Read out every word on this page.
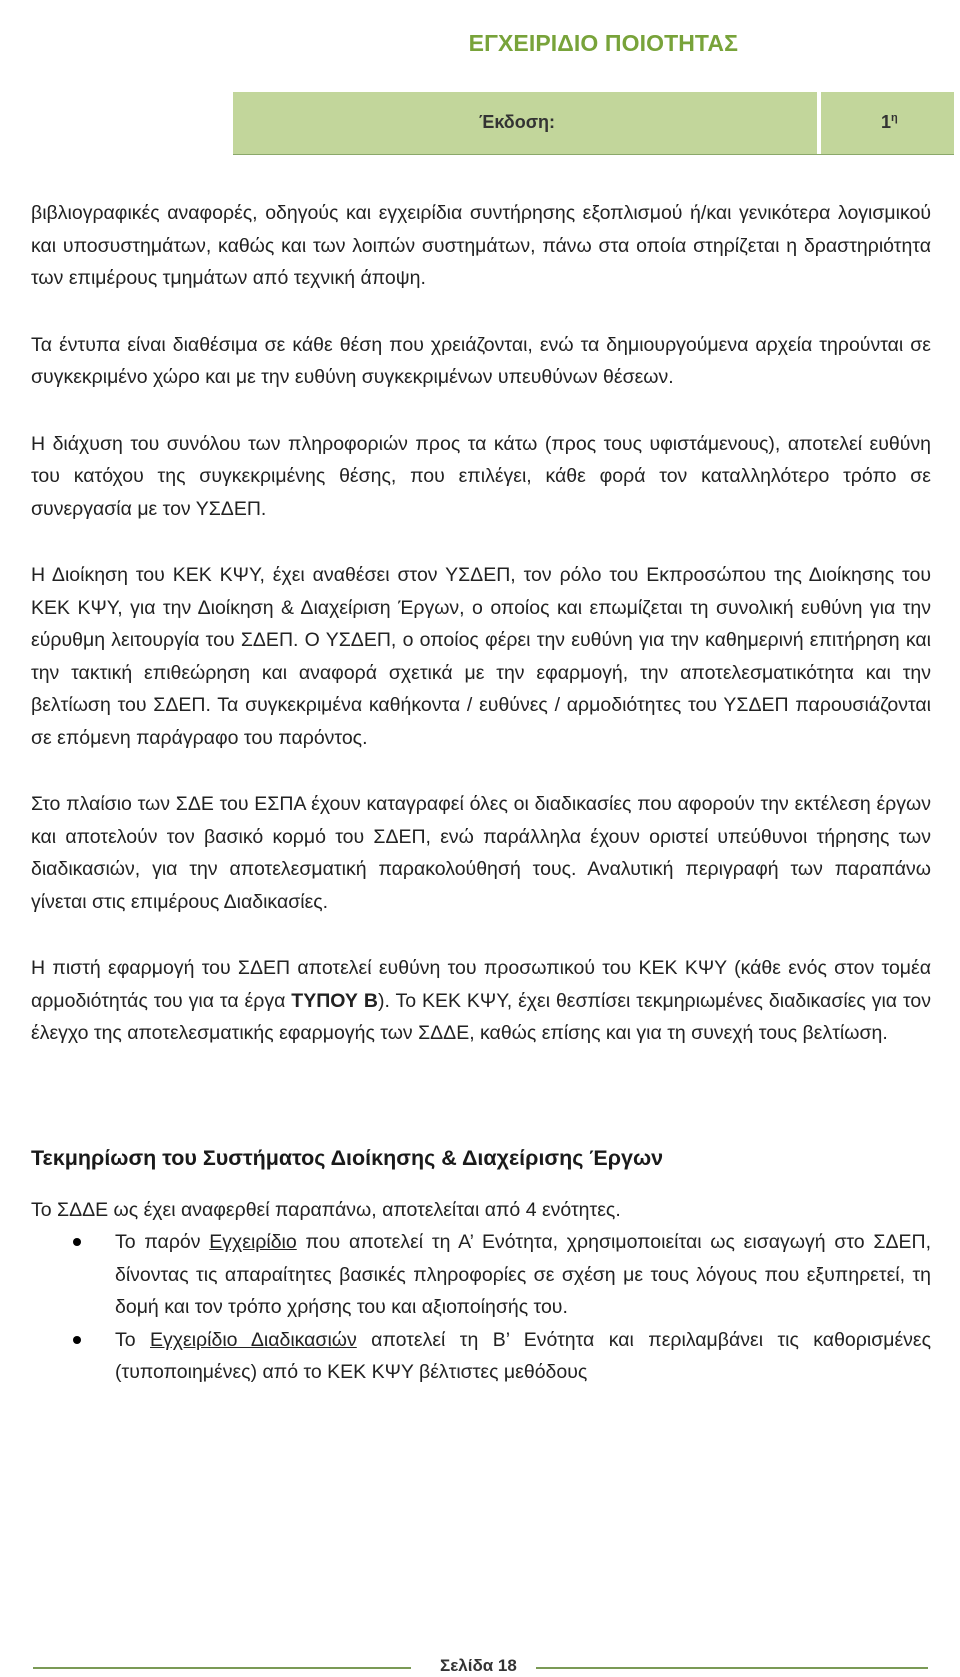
ΕΓΧΕΙΡΙΔΙΟ ΠΟΙΟΤΗΤΑΣ
Έκδοση:	$1^\eta$

βιβλιογραφικές αναφορές, οδηγούς και εγχειρίδια συντήρησης εξοπλισμού ή/και γενικότερα λογισμικού και υποσυστημάτων, καθώς και των λοιπών συστημάτων, πάνω στα οποία στηρίζεται η δραστηριότητα των επιμέρους τμημάτων από τεχνική άποψη.

Τα έντυπα είναι διαθέσιμα σε κάθε θέση που χρειάζονται, ενώ τα δημιουργούμενα αρχεία τηρούνται σε συγκεκριμένο χώρο και με την ευθύνη συγκεκριμένων υπευθύνων θέσεων.

Η διάχυση του συνόλου των πληροφοριών προς τα κάτω (προς τους υφιστάμενους), αποτελεί ευθύνη του κατόχου της συγκεκριμένης θέσης, που επιλέγει, κάθε φορά τον καταλληλότερο τρόπο σε συνεργασία με τον ΥΣΔΕΠ.

Η Διοίκηση του ΚΕΚ ΚΨΥ, έχει αναθέσει στον ΥΣΔΕΠ, τον ρόλο του Εκπροσώπου της Διοίκησης του ΚΕΚ ΚΨΥ, για την Διοίκηση & Διαχείριση Έργων, ο οποίος και επωμίζεται τη συνολική ευθύνη για την εύρυθμη λειτουργία του ΣΔΕΠ. Ο ΥΣΔΕΠ, ο οποίος φέρει την ευθύνη για την καθημερινή επιτήρηση και την τακτική επιθεώρηση και αναφορά σχετικά με την εφαρμογή, την αποτελεσματικότητα και την βελτίωση του ΣΔΕΠ. Τα συγκεκριμένα καθήκοντα / ευθύνες / αρμοδιότητες του ΥΣΔΕΠ παρουσιάζονται σε επόμενη παράγραφο του παρόντος.

Στο πλαίσιο των ΣΔΕ του ΕΣΠΑ έχουν καταγραφεί όλες οι διαδικασίες που αφορούν την εκτέλεση έργων και αποτελούν τον βασικό κορμό του ΣΔΕΠ, ενώ παράλληλα έχουν οριστεί υπεύθυνοι τήρησης των διαδικασιών, για την αποτελεσματική παρακολούθησή τους. Αναλυτική περιγραφή των παραπάνω γίνεται στις επιμέρους Διαδικασίες.

Η πιστή εφαρμογή του ΣΔΕΠ αποτελεί ευθύνη του προσωπικού του ΚΕΚ ΚΨΥ (κάθε ενός στον τομέα αρμοδιότητάς του για τα έργα ΤΥΠΟΥ Β). Το ΚΕΚ ΚΨΥ, έχει θεσπίσει τεκμηριωμένες διαδικασίες για τον έλεγχο της αποτελεσματικής εφαρμογής των ΣΔΔΕ, καθώς επίσης και για τη συνεχή τους βελτίωση.

Τεκμηρίωση του Συστήματος Διοίκησης & Διαχείρισης Έργων

Το ΣΔΔΕ ως έχει αναφερθεί παραπάνω, αποτελείται από 4 ενότητες.

Το παρόν Εγχειρίδιο που αποτελεί τη Α’ Ενότητα, χρησιμοποιείται ως εισαγωγή στο ΣΔΕΠ, δίνοντας τις απαραίτητες βασικές πληροφορίες σε σχέση με τους λόγους που εξυπηρετεί, τη δομή και τον τρόπο χρήσης του και αξιοποίησής του.
Το Εγχειρίδιο Διαδικασιών αποτελεί τη Β’ Ενότητα και περιλαμβάνει τις καθορισμένες (τυποποιημένες) από το ΚΕΚ ΚΨΥ βέλτιστες μεθόδους
Σελίδα 18
